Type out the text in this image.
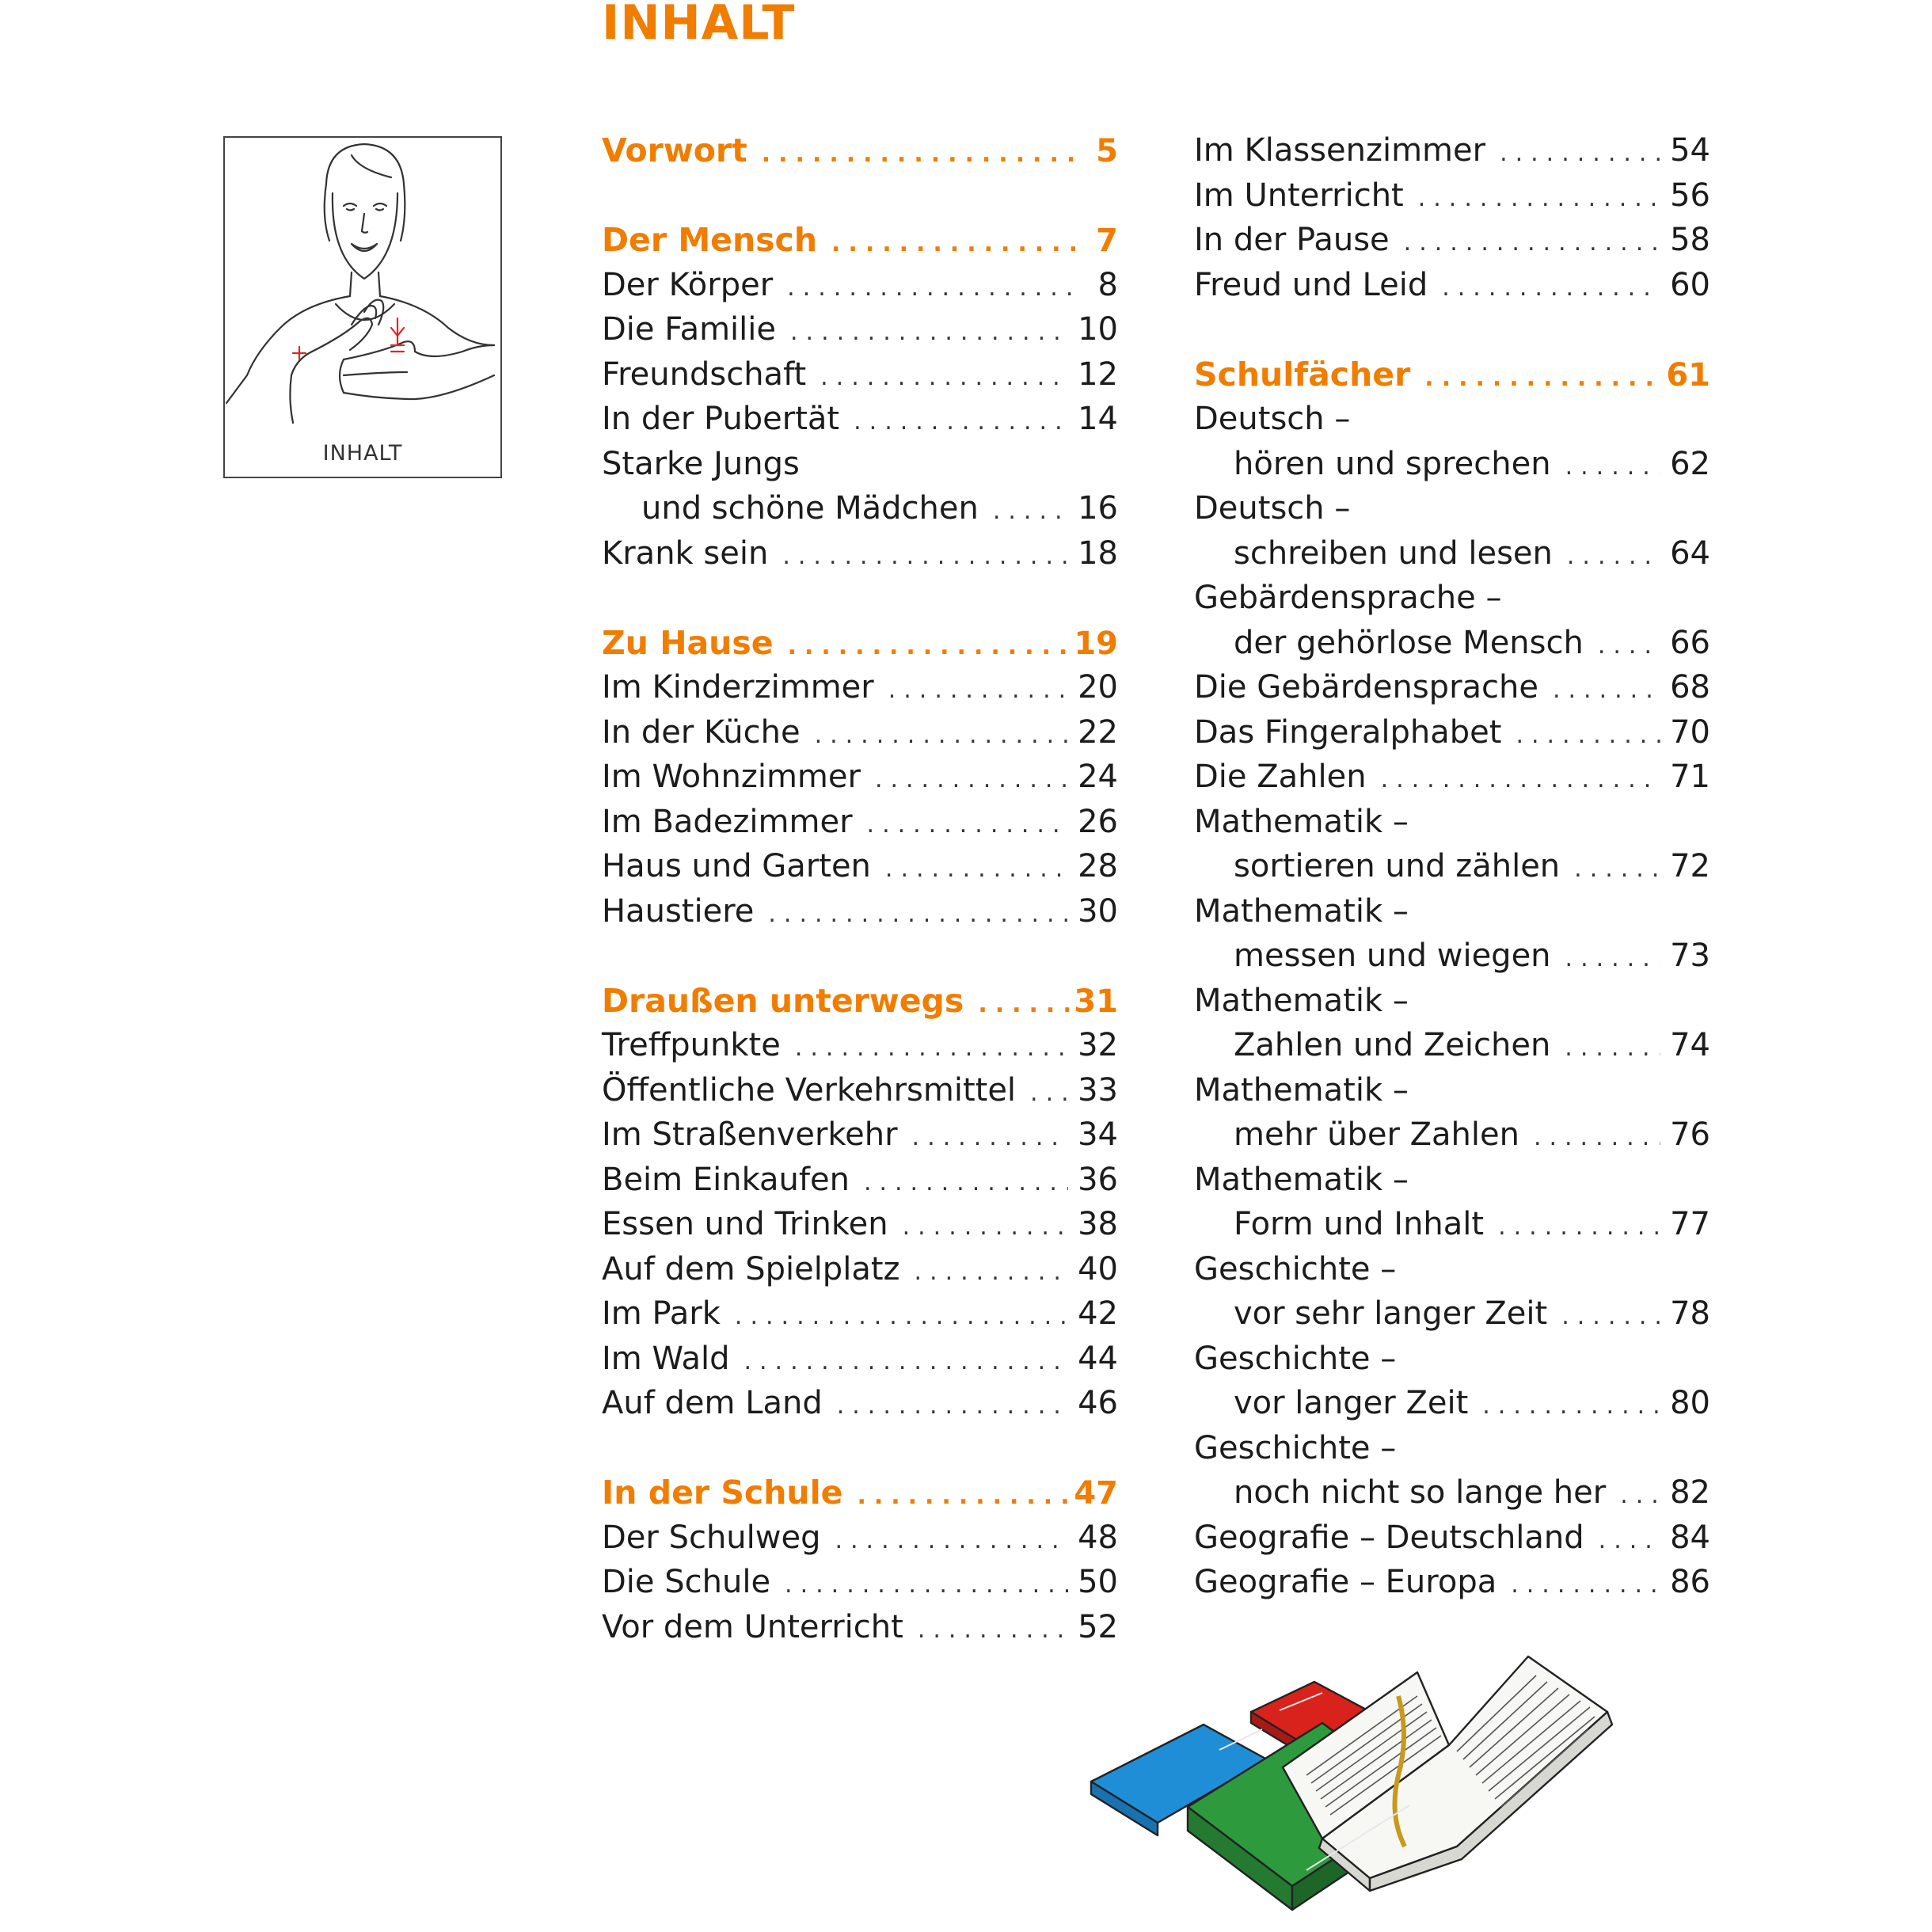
INHALT
INHALT
Vorwort .....	5
Der Mensch .....	7
Der Körper .....	8
Die Familie .....	10
Freundschaft .....	12
In der Pubertät .....	14
Starke Jungs
und schöne Mädchen .....	16
Krank sein .....	18
Zu Hause .....	19
Im Kinderzimmer .....	20
In der Küche .....	22
Im Wohnzimmer .....	24
Im Badezimmer .....	26
Haus und Garten .....	28
Haustiere .....	30
Draußen unterwegs .....	31
Treffpunkte .....	32
Öffentliche Verkehrsmittel ..... 33
Im Straßenverkehr .....	34
Beim Einkaufen .....	36
Essen und Trinken .....	38
Auf dem Spielplatz .....	40
Im Park .....	42
Im Wald .....	44
Auf dem Land .....	46
In der Schule .....	47
Der Schulweg .....	48
Die Schule .....	50
Vor dem Unterricht .....	52
Im Klassenzimmer .....	54
Im Unterricht .....	56
In der Pause .....	58
Freud und Leid .....	60
Schulfächer .....	61
Deutsch –
hören und sprechen .....	62
Deutsch –
schreiben und lesen .....	64
Gebärdensprache –
der gehörlose Mensch .....	66
Die Gebärdensprache .....	68
Das Fingeralphabet .....	70
Die Zahlen .....	71
Mathematik –
sortieren und zählen .....	72
Mathematik –
messen und wiegen .....	73
Mathematik –
Zahlen und Zeichen .....	74
Mathematik –
mehr über Zahlen .....	76
Mathematik –
Form und Inhalt .....	77
Geschichte –
vor sehr langer Zeit .....	78
Geschichte –
vor langer Zeit .....	80
Geschichte –
noch nicht so lange her ..... 82
Geografie – Deutschland .....	84
Geografie – Europa .....	86
